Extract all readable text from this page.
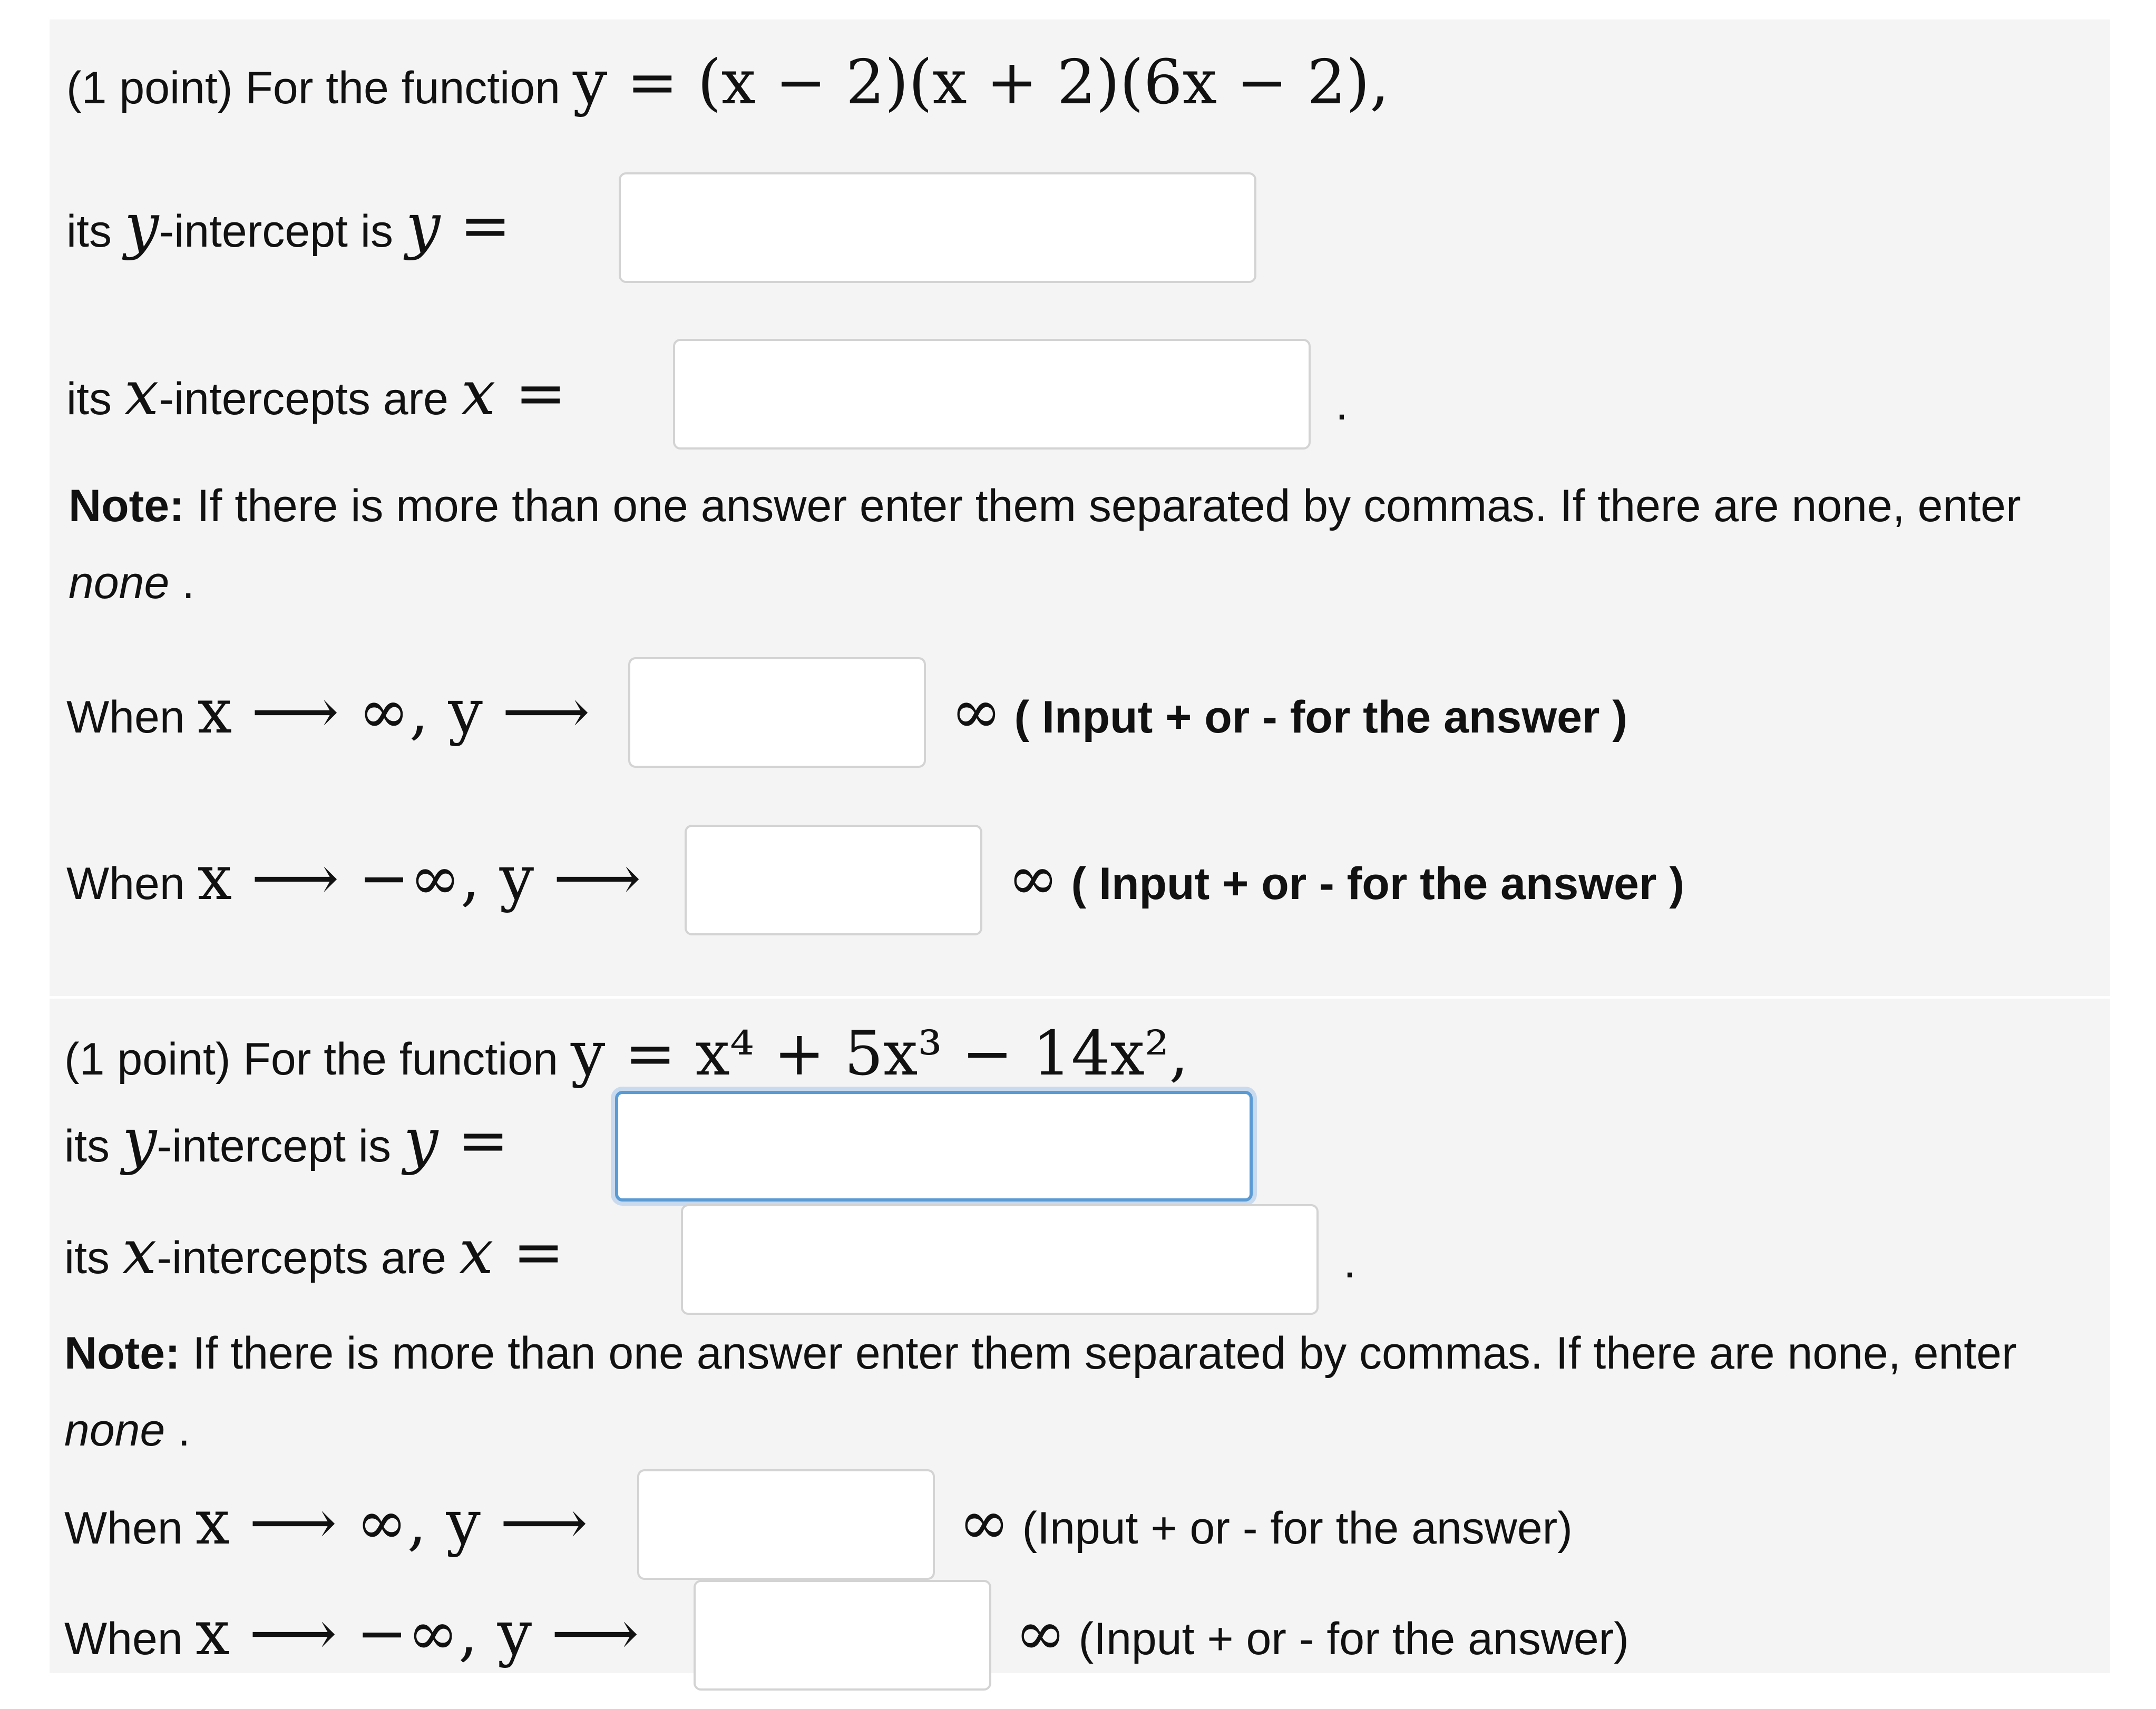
(1 point) For the function y = (x − 2)(x + 2)(6x − 2),
its y-intercept is y =
its x-intercepts are x =	.
Note: If there is more than one answer enter them separated by commas. If there are none, enter none .
When x ⟶ ∞, y ⟶	∞ ( Input + or - for the answer )
When x ⟶ −∞, y ⟶	∞ ( Input + or - for the answer )
(1 point) For the function y = x⁴ + 5x³ − 14x²,
its y-intercept is y =
its x-intercepts are x =	.
Note: If there is more than one answer enter them separated by commas. If there are none, enter none .
When x ⟶ ∞, y ⟶	∞ (Input + or - for the answer)
When x ⟶ −∞, y ⟶	∞ (Input + or - for the answer)
